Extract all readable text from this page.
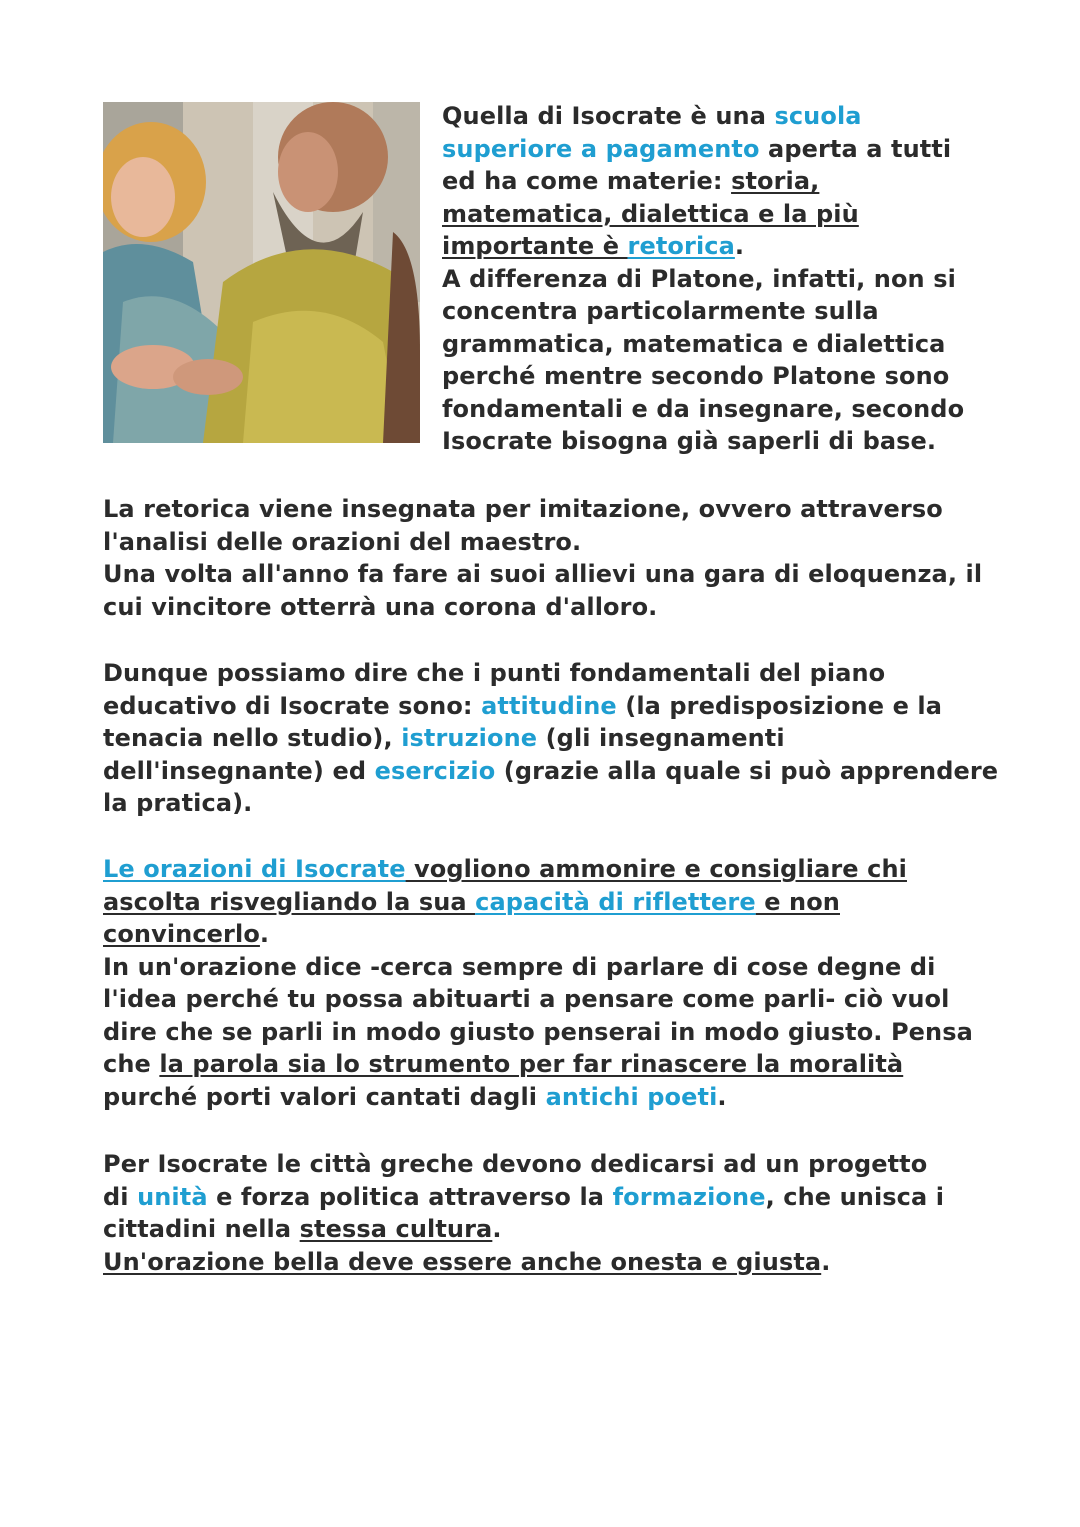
Quella di Isocrate è una scuola
superiore a pagamento aperta a tutti
ed ha come materie: storia,
matematica, dialettica e la più
importante è retorica.
A differenza di Platone, infatti, non si
concentra particolarmente sulla
grammatica, matematica e dialettica
perché mentre secondo Platone sono
fondamentali e da insegnare, secondo
Isocrate bisogna già saperli di base.

La retorica viene insegnata per imitazione, ovvero attraverso
l'analisi delle orazioni del maestro.
Una volta all'anno fa fare ai suoi allievi una gara di eloquenza, il
cui vincitore otterrà una corona d'alloro.

Dunque possiamo dire che i punti fondamentali del piano
educativo di Isocrate sono: attitudine (la predisposizione e la
tenacia nello studio), istruzione (gli insegnamenti
dell'insegnante) ed esercizio (grazie alla quale si può apprendere
la pratica).

Le orazioni di Isocrate vogliono ammonire e consigliare chi
ascolta risvegliando la sua capacità di riflettere e non
convincerlo.
In un'orazione dice -cerca sempre di parlare di cose degne di
l'idea perché tu possa abituarti a pensare come parli- ciò vuol
dire che se parli in modo giusto penserai in modo giusto. Pensa
che la parola sia lo strumento per far rinascere la moralità
purché porti valori cantati dagli antichi poeti.

Per Isocrate le città greche devono dedicarsi ad un progetto
di unità e forza politica attraverso la formazione, che unisca i
cittadini nella stessa cultura.
Un'orazione bella deve essere anche onesta e giusta.
